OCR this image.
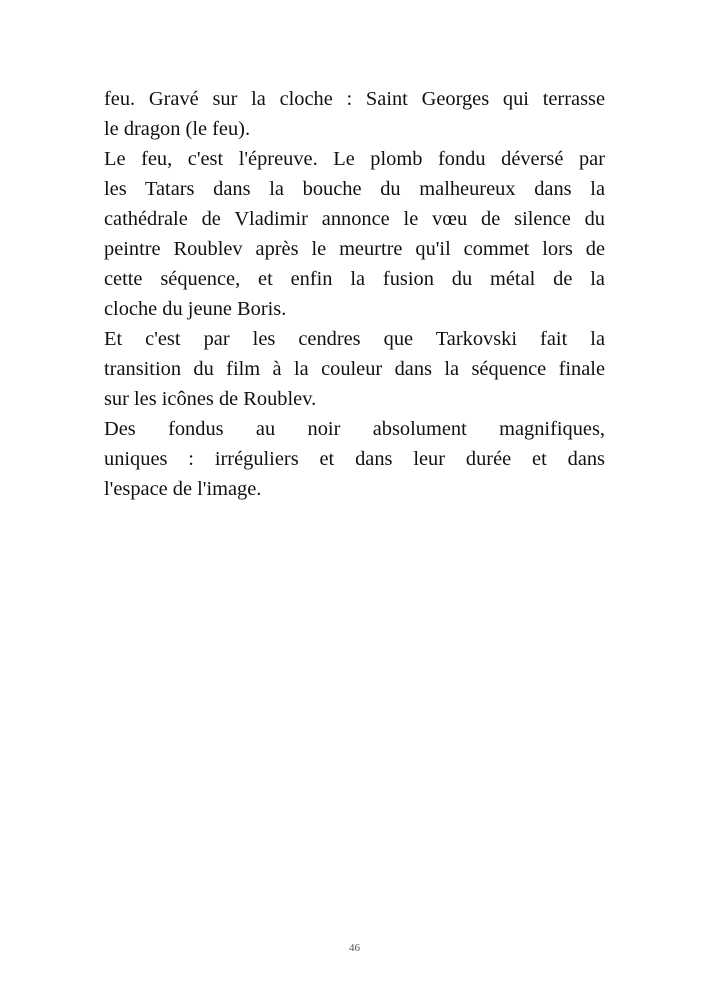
feu. Gravé sur la cloche : Saint Georges qui terrasse
le dragon (le feu).
Le feu, c'est l'épreuve. Le plomb fondu déversé par
les Tatars dans la bouche du malheureux dans la
cathédrale de Vladimir annonce le vœu de silence du
peintre Roublev après le meurtre qu'il commet lors de
cette séquence, et enfin la fusion du métal de la
cloche du jeune Boris.
Et c'est par les cendres que Tarkovski fait la
transition du film à la couleur dans la séquence finale
sur les icônes de Roublev.
Des fondus au noir absolument magnifiques,
uniques : irréguliers et dans leur durée et dans
l'espace de l'image.
46
